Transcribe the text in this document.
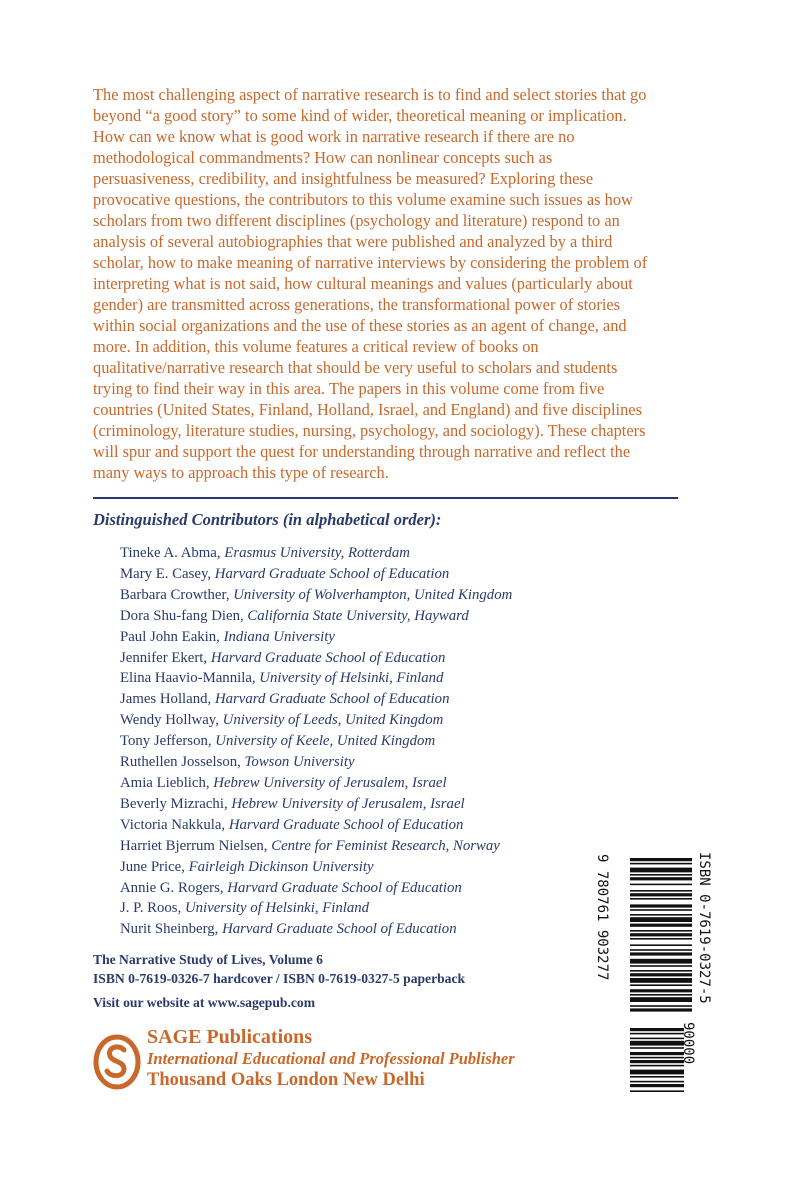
The most challenging aspect of narrative research is to find and select stories that go
beyond “a good story” to some kind of wider, theoretical meaning or implication.
How can we know what is good work in narrative research if there are no
methodological commandments? How can nonlinear concepts such as
persuasiveness, credibility, and insightfulness be measured? Exploring these
provocative questions, the contributors to this volume examine such issues as how
scholars from two different disciplines (psychology and literature) respond to an
analysis of several autobiographies that were published and analyzed by a third
scholar, how to make meaning of narrative interviews by considering the problem of
interpreting what is not said, how cultural meanings and values (particularly about
gender) are transmitted across generations, the transformational power of stories
within social organizations and the use of these stories as an agent of change, and
more. In addition, this volume features a critical review of books on
qualitative/narrative research that should be very useful to scholars and students
trying to find their way in this area. The papers in this volume come from five
countries (United States, Finland, Holland, Israel, and England) and five disciplines
(criminology, literature studies, nursing, psychology, and sociology). These chapters
will spur and support the quest for understanding through narrative and reflect the
many ways to approach this type of research.
Distinguished Contributors (in alphabetical order):
Tineke A. Abma, Erasmus University, Rotterdam
Mary E. Casey, Harvard Graduate School of Education
Barbara Crowther, University of Wolverhampton, United Kingdom
Dora Shu-fang Dien, California State University, Hayward
Paul John Eakin, Indiana University
Jennifer Ekert, Harvard Graduate School of Education
Elina Haavio-Mannila, University of Helsinki, Finland
James Holland, Harvard Graduate School of Education
Wendy Hollway, University of Leeds, United Kingdom
Tony Jefferson, University of Keele, United Kingdom
Ruthellen Josselson, Towson University
Amia Lieblich, Hebrew University of Jerusalem, Israel
Beverly Mizrachi, Hebrew University of Jerusalem, Israel
Victoria Nakkula, Harvard Graduate School of Education
Harriet Bjerrum Nielsen, Centre for Feminist Research, Norway
June Price, Fairleigh Dickinson University
Annie G. Rogers, Harvard Graduate School of Education
J. P. Roos, University of Helsinki, Finland
Nurit Sheinberg, Harvard Graduate School of Education
The Narrative Study of Lives, Volume 6
ISBN 0-7619-0326-7 hardcover / ISBN 0-7619-0327-5 paperback
Visit our website at www.sagepub.com
SAGE Publications
International Educational and Professional Publisher
Thousand Oaks London New Delhi
ISBN 0-7619-0327-5
9 780761 903277
90000
